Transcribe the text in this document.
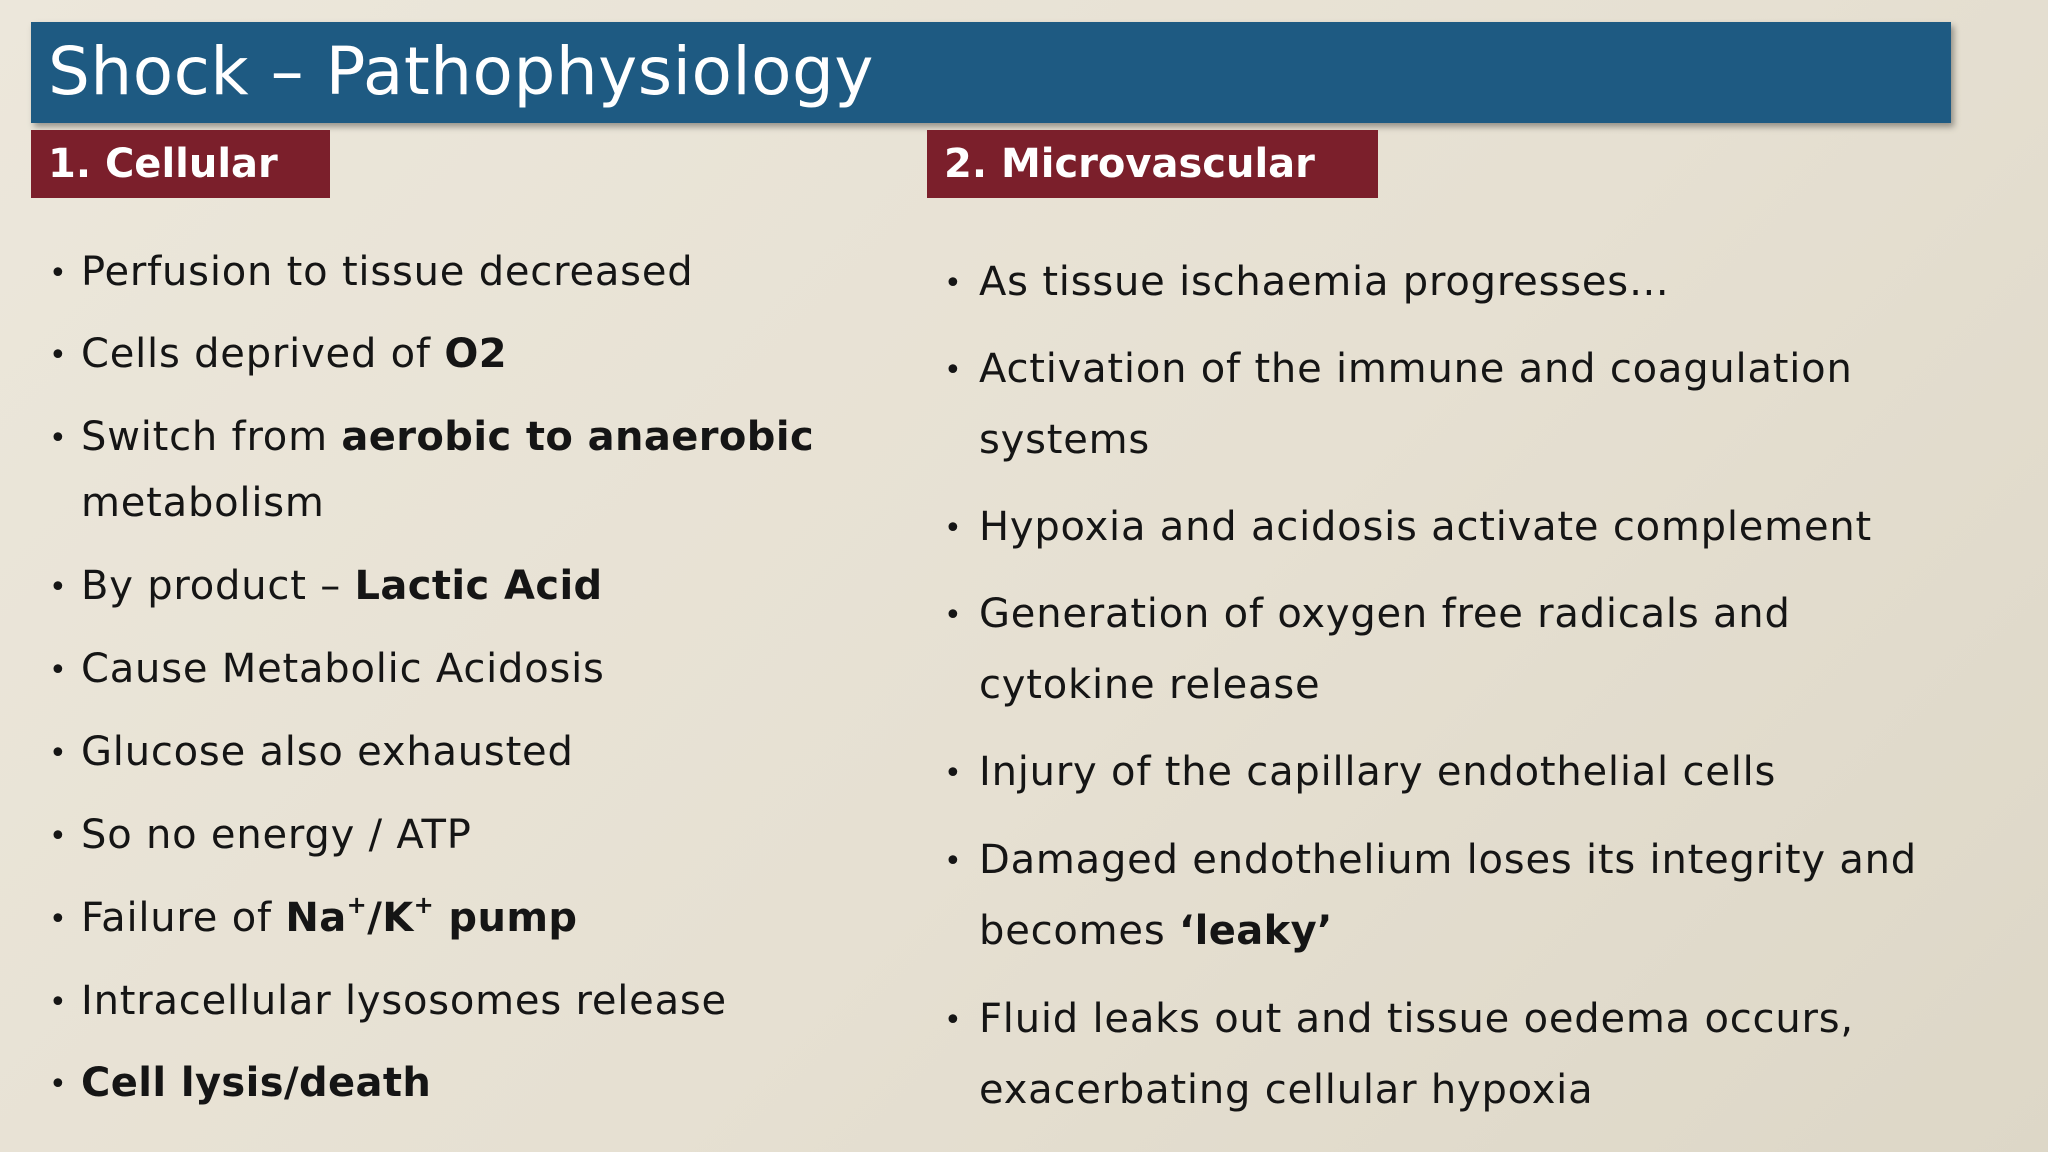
Shock – Pathophysiology
1. Cellular	2. Microvascular
• Perfusion to tissue decreased
• Cells deprived of O2
• Switch from aerobic to anaerobic
metabolism
• By product – Lactic Acid
• Cause Metabolic Acidosis
• Glucose also exhausted
• So no energy / ATP
• Failure of Na+/K+ pump
• Intracellular lysosomes release
• Cell lysis/death
• As tissue ischaemia progresses…
• Activation of the immune and coagulation
systems
• Hypoxia and acidosis activate complement
• Generation of oxygen free radicals and
cytokine release
• Injury of the capillary endothelial cells
• Damaged endothelium loses its integrity and
becomes ‘leaky’
• Fluid leaks out and tissue oedema occurs,
exacerbating cellular hypoxia
